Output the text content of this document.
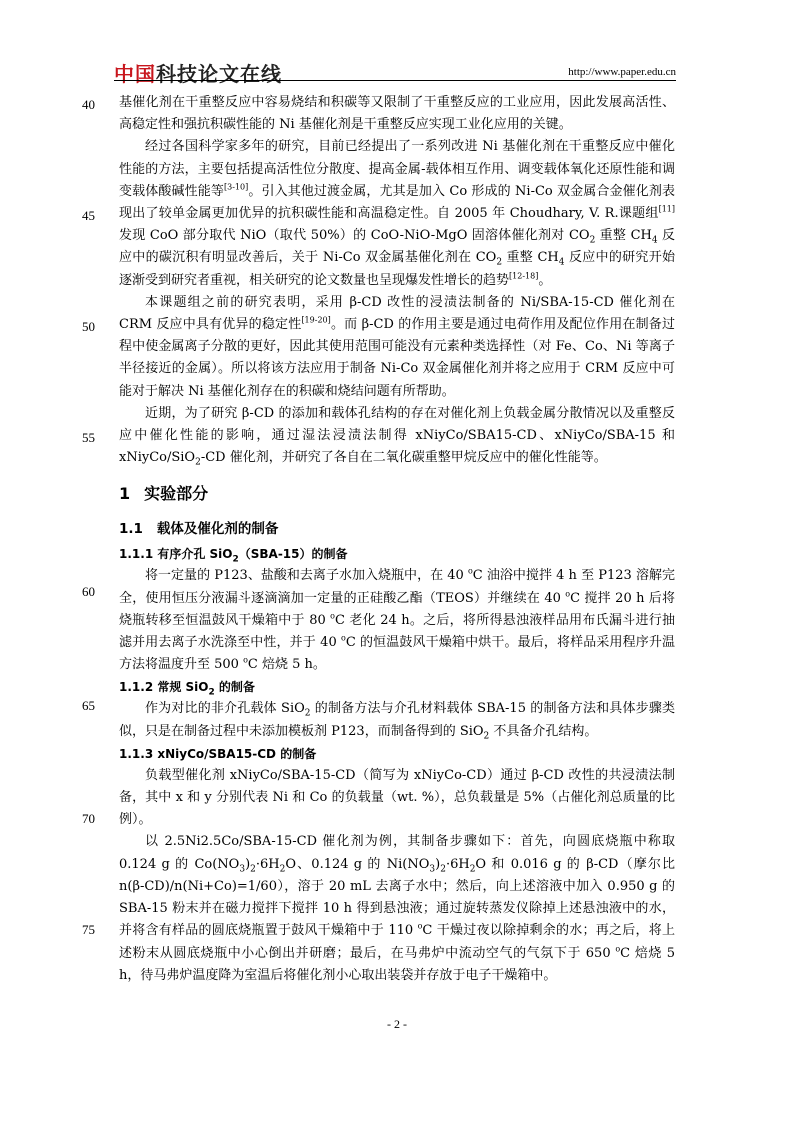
中国科技论文在线	http://www.paper.edu.cn
40
45
50
55
60
65
70
75

基催化剂在干重整反应中容易烧结和积碳等又限制了干重整反应的工业应用，因此发展高活性、高稳定性和强抗积碳性能的 Ni 基催化剂是干重整反应实现工业化应用的关键。

经过各国科学家多年的研究，目前已经提出了一系列改进 Ni 基催化剂在干重整反应中催化性能的方法，主要包括提高活性位分散度、提高金属-载体相互作用、调变载体氧化还原性能和调变载体酸碱性能等[3-10]。引入其他过渡金属，尤其是加入 Co 形成的 Ni-Co 双金属合金催化剂表现出了较单金属更加优异的抗积碳性能和高温稳定性。自 2005 年 Choudhary, V. R.课题组[11]发现 CoO 部分取代 NiO（取代 50%）的 CoO-NiO-MgO 固溶体催化剂对 $CO_2$ 重整 $CH_4$ 反应中的碳沉积有明显改善后，关于 Ni-Co 双金属基催化剂在 $CO_2$ 重整 $CH_4$ 反应中的研究开始逐渐受到研究者重视，相关研究的论文数量也呈现爆发性增长的趋势[12-18]。

本课题组之前的研究表明，采用 β-CD 改性的浸渍法制备的 Ni/SBA-15-CD 催化剂在 CRM 反应中具有优异的稳定性[19-20]。而 β-CD 的作用主要是通过电荷作用及配位作用在制备过程中使金属离子分散的更好，因此其使用范围可能没有元素种类选择性（对 Fe、Co、Ni 等离子半径接近的金属）。所以将该方法应用于制备 Ni-Co 双金属催化剂并将之应用于 CRM 反应中可能对于解决 Ni 基催化剂存在的积碳和烧结问题有所帮助。

近期，为了研究 β-CD 的添加和载体孔结构的存在对催化剂上负载金属分散情况以及重整反应中催化性能的影响，通过湿法浸渍法制得 xNiyCo/SBA15-CD、xNiyCo/SBA-15 和 xNiyCo/SiO$_2$-CD 催化剂，并研究了各自在二氧化碳重整甲烷反应中的催化性能等。

1 实验部分
1.1 载体及催化剂的制备
1.1.1 有序介孔 SiO$_2$（SBA-15）的制备

将一定量的 P123、盐酸和去离子水加入烧瓶中，在 40 $^o$C 油浴中搅拌 4 h 至 P123 溶解完全，使用恒压分液漏斗逐滴滴加一定量的正硅酸乙酯（TEOS）并继续在 40 $^o$C 搅拌 20 h 后将烧瓶转移至恒温鼓风干燥箱中于 80 $^o$C 老化 24 h。之后，将所得悬浊液样品用布氏漏斗进行抽滤并用去离子水洗涤至中性，并于 40 $^o$C 的恒温鼓风干燥箱中烘干。最后，将样品采用程序升温方法将温度升至 500 $^o$C 焙烧 5 h。

1.1.2 常规 SiO$_2$ 的制备

作为对比的非介孔载体 SiO$_2$ 的制备方法与介孔材料载体 SBA-15 的制备方法和具体步骤类似，只是在制备过程中未添加模板剂 P123，而制备得到的 SiO$_2$ 不具备介孔结构。

1.1.3 xNiyCo/SBA15-CD 的制备

负载型催化剂 xNiyCo/SBA-15-CD（简写为 xNiyCo-CD）通过 β-CD 改性的共浸渍法制备，其中 x 和 y 分别代表 Ni 和 Co 的负载量（wt. %），总负载量是 5%（占催化剂总质量的比例）。

以 2.5Ni2.5Co/SBA-15-CD 催化剂为例，其制备步骤如下：首先，向圆底烧瓶中称取 0.124 g 的 $Co(NO_3)_2\cdot 6H_2O$、0.124 g 的 $Ni(NO_3)_2\cdot 6H_2O$ 和 0.016 g 的 β-CD（摩尔比 n(β-CD)/n(Ni+Co)=1/60），溶于 20 mL 去离子水中；然后，向上述溶液中加入 0.950 g 的 SBA-15 粉末并在磁力搅拌下搅拌 10 h 得到悬浊液；通过旋转蒸发仪除掉上述悬浊液中的水，并将含有样品的圆底烧瓶置于鼓风干燥箱中于 110 $^o$C 干燥过夜以除掉剩余的水；再之后，将上述粉末从圆底烧瓶中小心倒出并研磨；最后，在马弗炉中流动空气的气氛下于 650 $^o$C 焙烧 5 h，待马弗炉温度降为室温后将催化剂小心取出装袋并存放于电子干燥箱中。

- 2 -
